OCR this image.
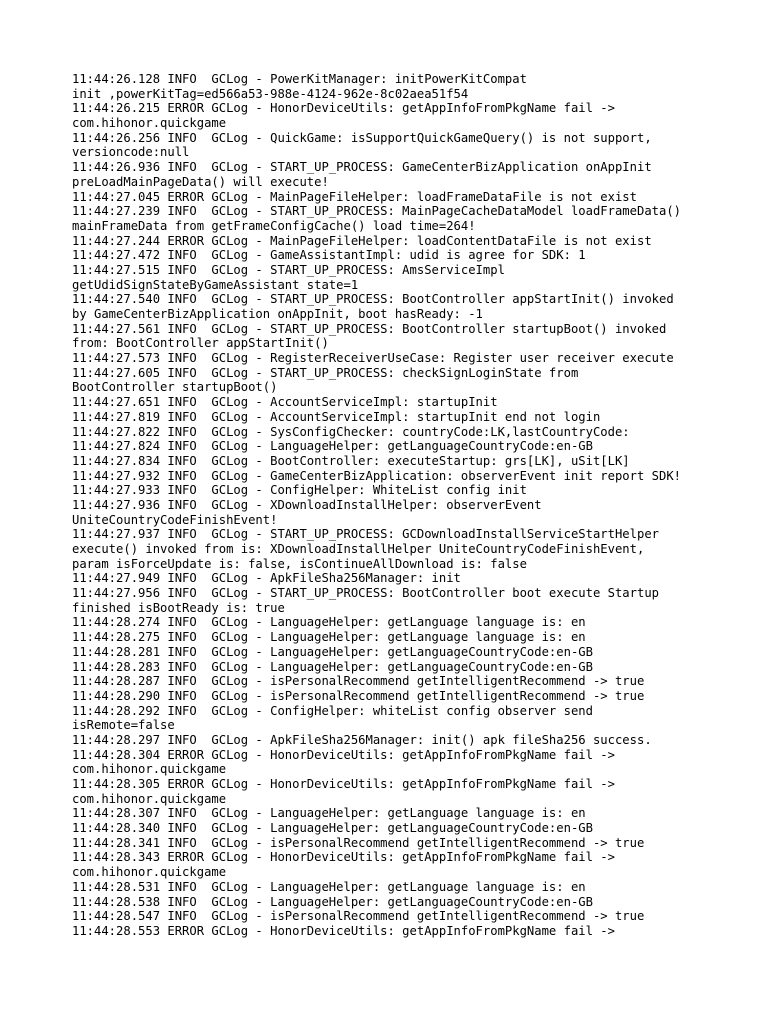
11:44:26.128 INFO  GCLog - PowerKitManager: initPowerKitCompat
init ,powerKitTag=ed566a53-988e-4124-962e-8c02aea51f54
11:44:26.215 ERROR GCLog - HonorDeviceUtils: getAppInfoFromPkgName fail ->
com.hihonor.quickgame
11:44:26.256 INFO  GCLog - QuickGame: isSupportQuickGameQuery() is not support,
versioncode:null
11:44:26.936 INFO  GCLog - START_UP_PROCESS: GameCenterBizApplication onAppInit
preLoadMainPageData() will execute!
11:44:27.045 ERROR GCLog - MainPageFileHelper: loadFrameDataFile is not exist
11:44:27.239 INFO  GCLog - START_UP_PROCESS: MainPageCacheDataModel loadFrameData()
mainFrameData from getFrameConfigCache() load time=264!
11:44:27.244 ERROR GCLog - MainPageFileHelper: loadContentDataFile is not exist
11:44:27.472 INFO  GCLog - GameAssistantImpl: udid is agree for SDK: 1
11:44:27.515 INFO  GCLog - START_UP_PROCESS: AmsServiceImpl
getUdidSignStateByGameAssistant state=1
11:44:27.540 INFO  GCLog - START_UP_PROCESS: BootController appStartInit() invoked
by GameCenterBizApplication onAppInit, boot hasReady: -1
11:44:27.561 INFO  GCLog - START_UP_PROCESS: BootController startupBoot() invoked
from: BootController appStartInit()
11:44:27.573 INFO  GCLog - RegisterReceiverUseCase: Register user receiver execute
11:44:27.605 INFO  GCLog - START_UP_PROCESS: checkSignLoginState from
BootController startupBoot()
11:44:27.651 INFO  GCLog - AccountServiceImpl: startupInit
11:44:27.819 INFO  GCLog - AccountServiceImpl: startupInit end not login
11:44:27.822 INFO  GCLog - SysConfigChecker: countryCode:LK,lastCountryCode:
11:44:27.824 INFO  GCLog - LanguageHelper: getLanguageCountryCode:en-GB
11:44:27.834 INFO  GCLog - BootController: executeStartup: grs[LK], uSit[LK]
11:44:27.932 INFO  GCLog - GameCenterBizApplication: observerEvent init report SDK!
11:44:27.933 INFO  GCLog - ConfigHelper: WhiteList config init
11:44:27.936 INFO  GCLog - XDownloadInstallHelper: observerEvent
UniteCountryCodeFinishEvent!
11:44:27.937 INFO  GCLog - START_UP_PROCESS: GCDownloadInstallServiceStartHelper
execute() invoked from is: XDownloadInstallHelper UniteCountryCodeFinishEvent,
param isForceUpdate is: false, isContinueAllDownload is: false
11:44:27.949 INFO  GCLog - ApkFileSha256Manager: init
11:44:27.956 INFO  GCLog - START_UP_PROCESS: BootController boot execute Startup
finished isBootReady is: true
11:44:28.274 INFO  GCLog - LanguageHelper: getLanguage language is: en
11:44:28.275 INFO  GCLog - LanguageHelper: getLanguage language is: en
11:44:28.281 INFO  GCLog - LanguageHelper: getLanguageCountryCode:en-GB
11:44:28.283 INFO  GCLog - LanguageHelper: getLanguageCountryCode:en-GB
11:44:28.287 INFO  GCLog - isPersonalRecommend getIntelligentRecommend -> true
11:44:28.290 INFO  GCLog - isPersonalRecommend getIntelligentRecommend -> true
11:44:28.292 INFO  GCLog - ConfigHelper: whiteList config observer send
isRemote=false
11:44:28.297 INFO  GCLog - ApkFileSha256Manager: init() apk fileSha256 success.
11:44:28.304 ERROR GCLog - HonorDeviceUtils: getAppInfoFromPkgName fail ->
com.hihonor.quickgame
11:44:28.305 ERROR GCLog - HonorDeviceUtils: getAppInfoFromPkgName fail ->
com.hihonor.quickgame
11:44:28.307 INFO  GCLog - LanguageHelper: getLanguage language is: en
11:44:28.340 INFO  GCLog - LanguageHelper: getLanguageCountryCode:en-GB
11:44:28.341 INFO  GCLog - isPersonalRecommend getIntelligentRecommend -> true
11:44:28.343 ERROR GCLog - HonorDeviceUtils: getAppInfoFromPkgName fail ->
com.hihonor.quickgame
11:44:28.531 INFO  GCLog - LanguageHelper: getLanguage language is: en
11:44:28.538 INFO  GCLog - LanguageHelper: getLanguageCountryCode:en-GB
11:44:28.547 INFO  GCLog - isPersonalRecommend getIntelligentRecommend -> true
11:44:28.553 ERROR GCLog - HonorDeviceUtils: getAppInfoFromPkgName fail ->
